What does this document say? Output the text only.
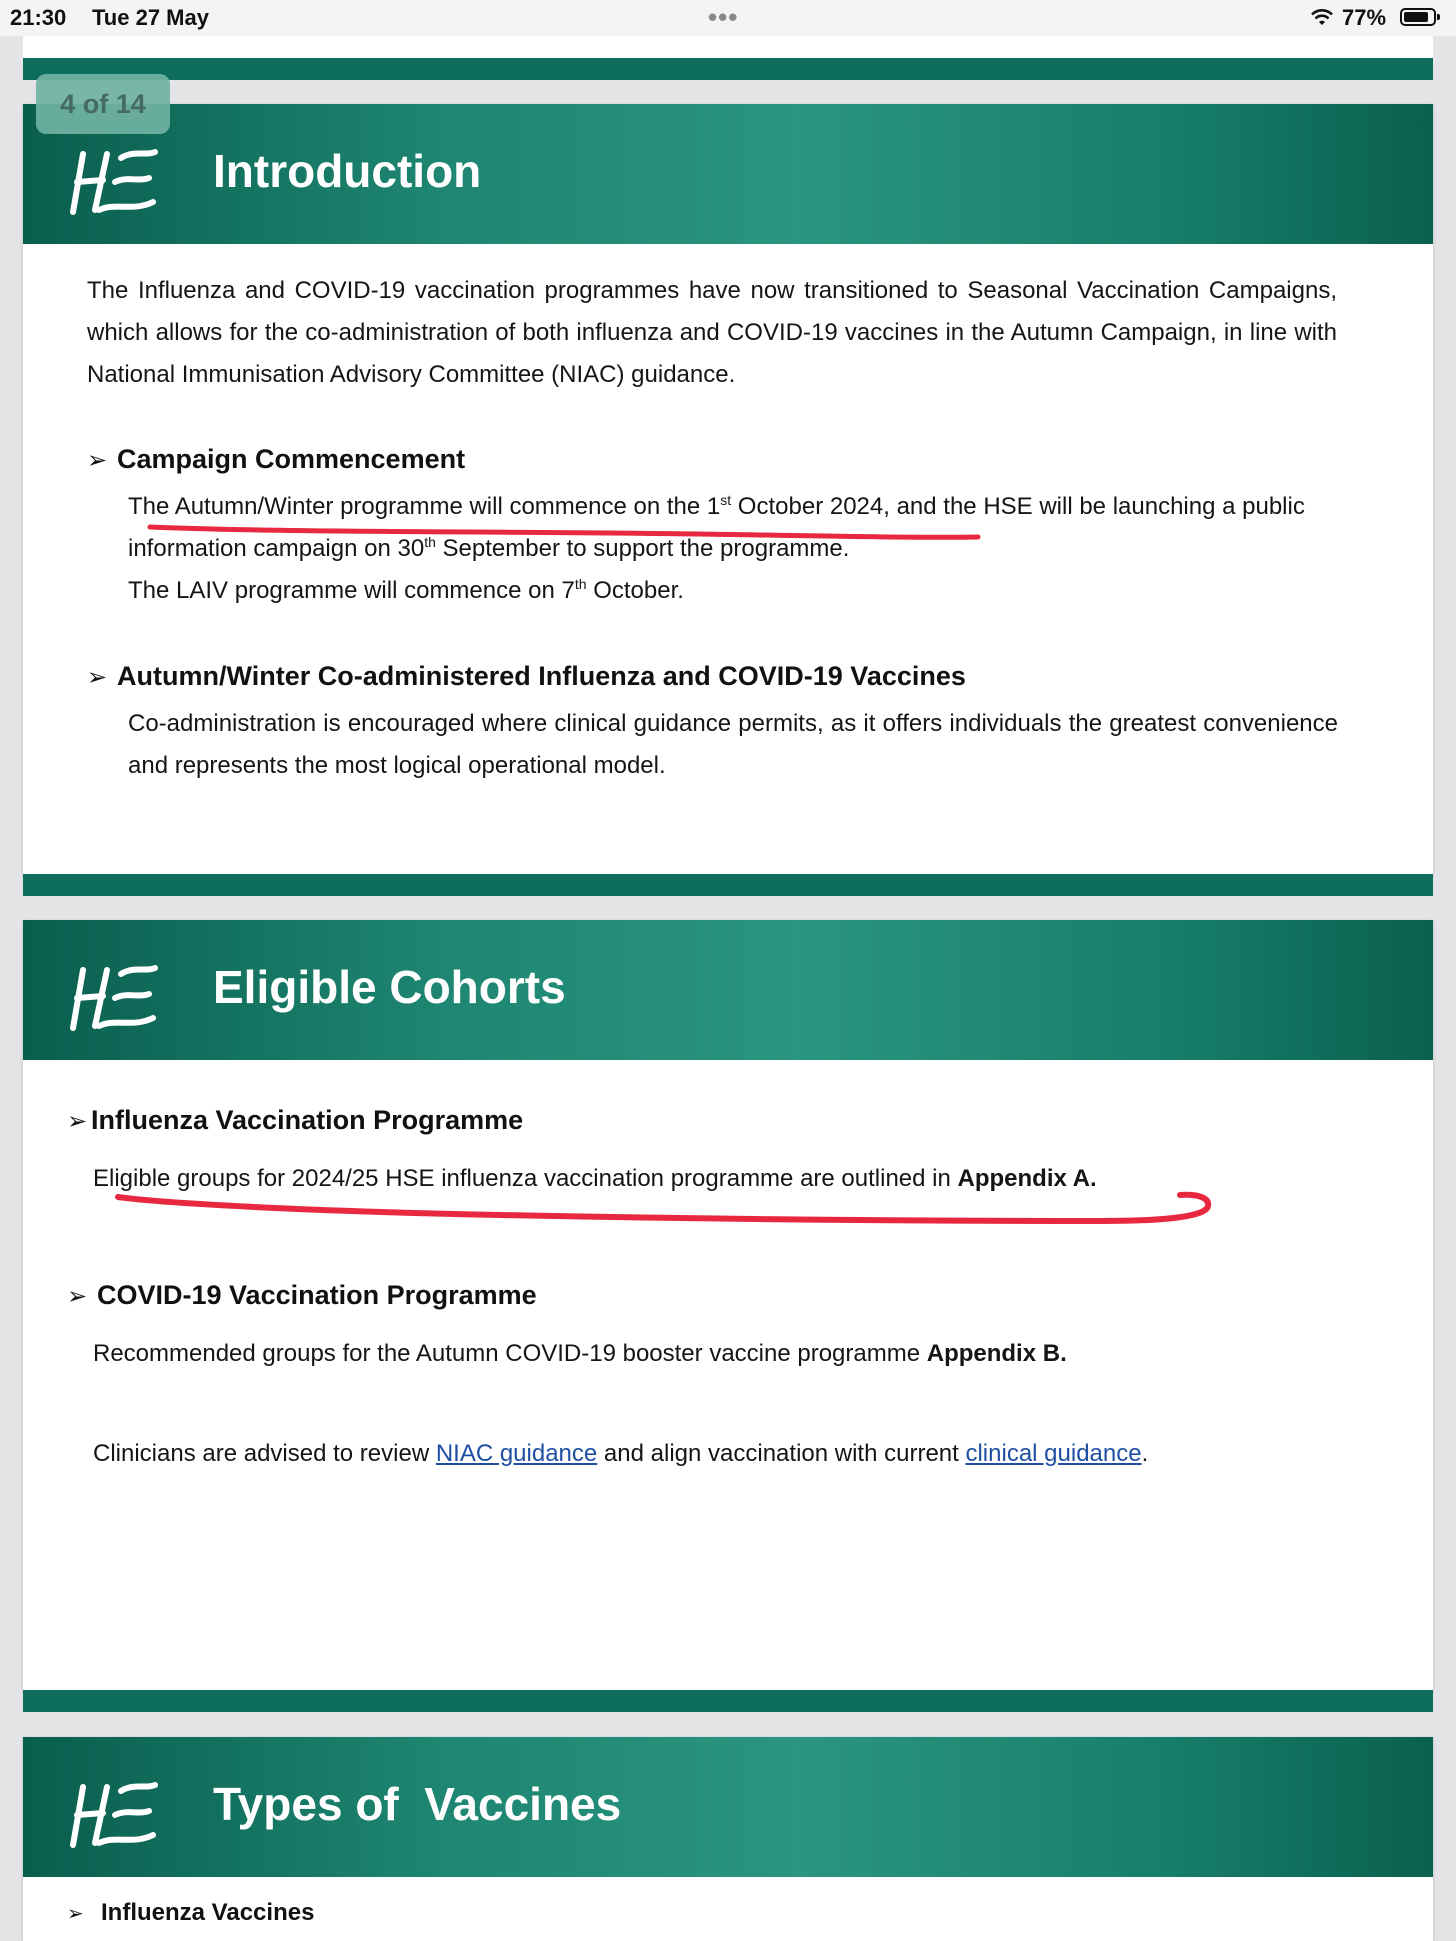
21:30 Tue 27 May	•••	77%
Introduction
The Influenza and COVID-19 vaccination programmes have now transitioned to Seasonal Vaccination Campaigns, which allows for the co-administration of both influenza and COVID-19 vaccines in the Autumn Campaign, in line with National Immunisation Advisory Committee (NIAC) guidance.
➢ Campaign Commencement
The Autumn/Winter programme will commence on the 1st October 2024, and the HSE will be launching a public information campaign on 30th September to support the programme.
The LAIV programme will commence on 7th October.
➢ Autumn/Winter Co-administered Influenza and COVID-19 Vaccines
Co-administration is encouraged where clinical guidance permits, as it offers individuals the greatest convenience and represents the most logical operational model.
Eligible Cohorts
➢ Influenza Vaccination Programme
Eligible groups for 2024/25 HSE influenza vaccination programme are outlined in Appendix A.
➢ COVID-19 Vaccination Programme
Recommended groups for the Autumn COVID-19 booster vaccine programme Appendix B.
Clinicians are advised to review NIAC guidance and align vaccination with current clinical guidance.
Types of  Vaccines
➢ Influenza Vaccines
4 of 14
